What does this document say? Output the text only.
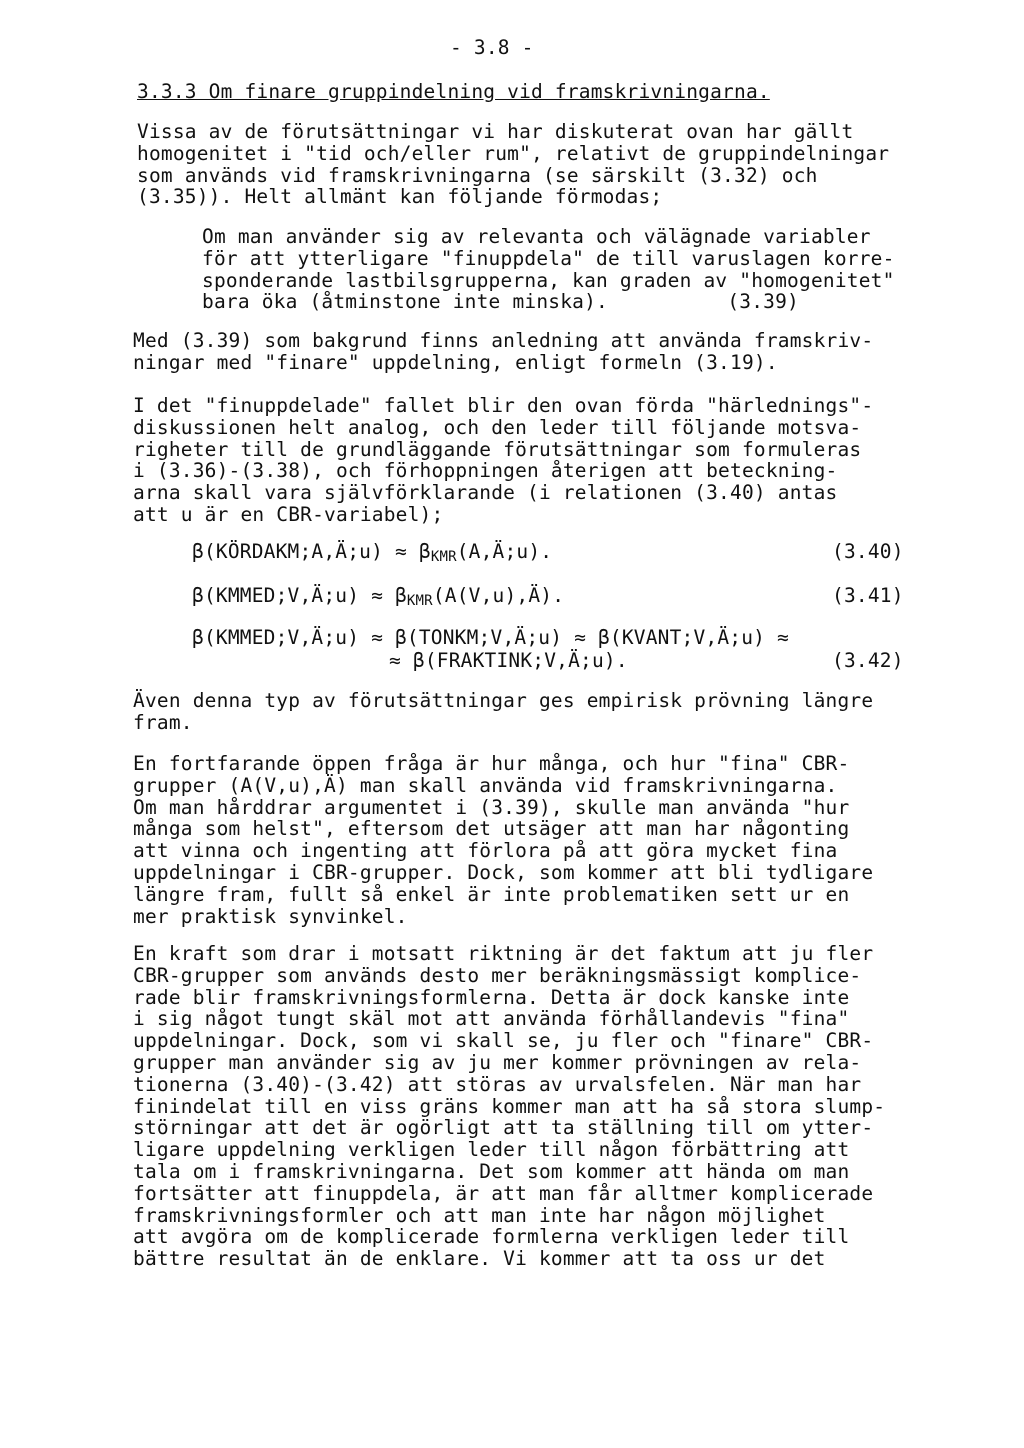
- 3.8 -
3.3.3 Om finare gruppindelning vid framskrivningarna.
Vissa av de förutsättningar vi har diskuterat ovan har gällt
homogenitet i "tid och/eller rum", relativt de gruppindelningar
som används vid framskrivningarna (se särskilt (3.32) och
(3.35)). Helt allmänt kan följande förmodas;
Om man använder sig av relevanta och välägnade variabler
för att ytterligare "finuppdela" de till varuslagen korre-
sponderande lastbilsgrupperna, kan graden av "homogenitet"
bara öka (åtminstone inte minska).          (3.39)
Med (3.39) som bakgrund finns anledning att använda framskriv-
ningar med "finare" uppdelning, enligt formeln (3.19).
I det "finuppdelade" fallet blir den ovan förda "härlednings"-
diskussionen helt analog, och den leder till följande motsva-
righeter till de grundläggande förutsättningar som formuleras
i (3.36)-(3.38), och förhoppningen återigen att beteckning-
arna skall vara självförklarande (i relationen (3.40) antas
att u är en CBR-variabel);
β(KÖRDAKM;A,Ä;u) ≈ $\beta_{KMR}(A,Ä;u)$.	(3.40)
β(KMMED;V,Ä;u) ≈ $\beta_{KMR}(A(V,u),Ä)$.	(3.41)
β(KMMED;V,Ä;u) ≈ β(TONKM;V,Ä;u) ≈ β(KVANT;V,Ä;u) ≈
≈ β(FRAKTINK;V,Ä;u).	(3.42)
Även denna typ av förutsättningar ges empirisk prövning längre
fram.
En fortfarande öppen fråga är hur många, och hur "fina" CBR-
grupper (A(V,u),Ä) man skall använda vid framskrivningarna.
Om man hårddrar argumentet i (3.39), skulle man använda "hur
många som helst", eftersom det utsäger att man har någonting
att vinna och ingenting att förlora på att göra mycket fina
uppdelningar i CBR-grupper. Dock, som kommer att bli tydligare
längre fram, fullt så enkel är inte problematiken sett ur en
mer praktisk synvinkel.
En kraft som drar i motsatt riktning är det faktum att ju fler
CBR-grupper som används desto mer beräkningsmässigt komplice-
rade blir framskrivningsformlerna. Detta är dock kanske inte
i sig något tungt skäl mot att använda förhållandevis "fina"
uppdelningar. Dock, som vi skall se, ju fler och "finare" CBR-
grupper man använder sig av ju mer kommer prövningen av rela-
tionerna (3.40)-(3.42) att störas av urvalsfelen. När man har
finindelat till en viss gräns kommer man att ha så stora slump-
störningar att det är ogörligt att ta ställning till om ytter-
ligare uppdelning verkligen leder till någon förbättring att
tala om i framskrivningarna. Det som kommer att hända om man
fortsätter att finuppdela, är att man får alltmer komplicerade
framskrivningsformler och att man inte har någon möjlighet
att avgöra om de komplicerade formlerna verkligen leder till
bättre resultat än de enklare. Vi kommer att ta oss ur det
